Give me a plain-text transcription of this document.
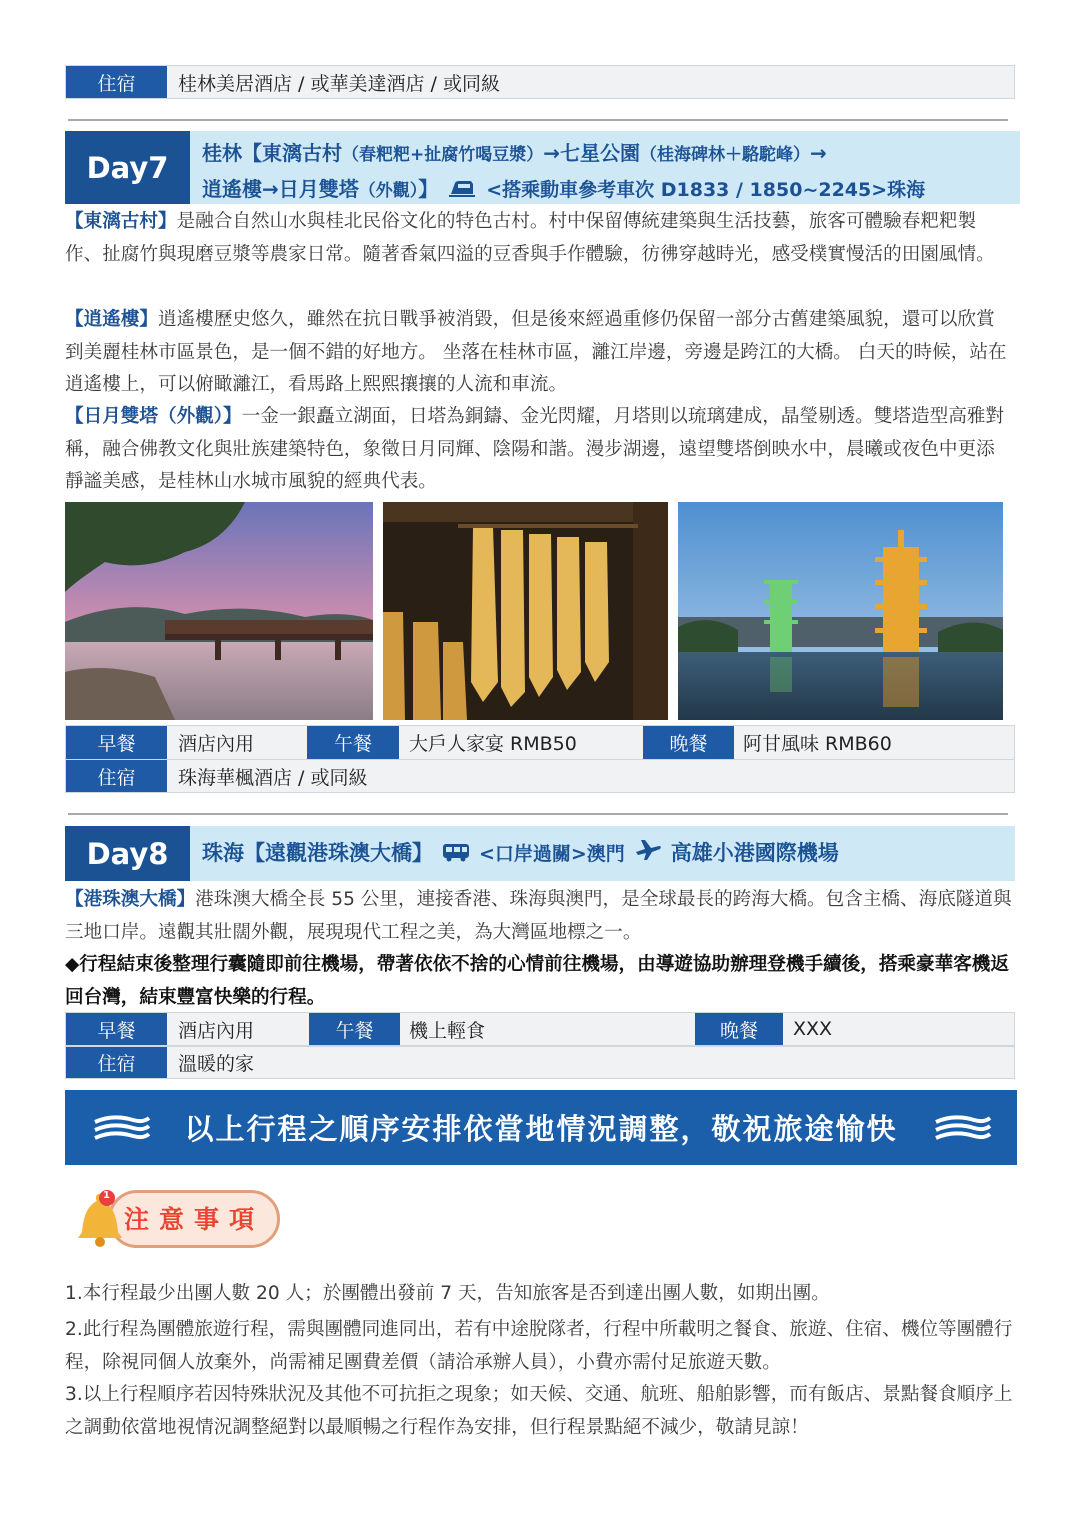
住宿	桂林美居酒店 / 或華美達酒店 / 或同級
Day7	桂林【東漓古村（春粑粑+扯腐竹喝豆漿）→七星公園（桂海碑林＋駱駝峰）→
逍遙樓→日月雙塔（外觀）】	<搭乘動車參考車次 D1833 / 1850~2245>珠海
【東漓古村】是融合自然山水與桂北民俗文化的特色古村。村中保留傳統建築與生活技藝，旅客可體驗春粑粑製作、扯腐竹與現磨豆漿等農家日常。隨著香氣四溢的豆香與手作體驗，彷彿穿越時光，感受樸實慢活的田園風情。
【逍遙樓】逍遙樓歷史悠久，雖然在抗日戰爭被消毀，但是後來經過重修仍保留一部分古舊建築風貌，還可以欣賞到美麗桂林市區景色，是一個不錯的好地方。 坐落在桂林市區，灕江岸邊，旁邊是跨江的大橋。 白天的時候，站在逍遙樓上，可以俯瞰灕江，看馬路上熙熙攘攘的人流和車流。
【日月雙塔（外觀）】一金一銀矗立湖面，日塔為銅鑄、金光閃耀，月塔則以琉璃建成，晶瑩剔透。雙塔造型高雅對稱，融合佛教文化與壯族建築特色，象徵日月同輝、陰陽和諧。漫步湖邊，遠望雙塔倒映水中，晨曦或夜色中更添靜謐美感，是桂林山水城市風貌的經典代表。
早餐	酒店內用	午餐	大戶人家宴 RMB50	晚餐	阿甘風味 RMB60
住宿	珠海華楓酒店 / 或同級
Day8	珠海【遠觀港珠澳大橋】 <口岸過關>澳門 高雄小港國際機場
【港珠澳大橋】港珠澳大橋全長 55 公里，連接香港、珠海與澳門，是全球最長的跨海大橋。包含主橋、海底隧道與三地口岸。遠觀其壯闊外觀，展現現代工程之美，為大灣區地標之一。
◆行程結束後整理行囊隨即前往機場，帶著依依不捨的心情前往機場，由導遊協助辦理登機手續後，搭乘豪華客機返回台灣，結束豐富快樂的行程。
早餐	酒店內用	午餐	機上輕食	晚餐	XXX
住宿	溫暖的家
以上行程之順序安排依當地情況調整，敬祝旅途愉快
1
注意事項
1.本行程最少出團人數 20 人；於團體出發前 7 天，告知旅客是否到達出團人數，如期出團。
2.此行程為團體旅遊行程，需與團體同進同出，若有中途脫隊者，行程中所載明之餐食、旅遊、住宿、機位等團體行程，除視同個人放棄外，尚需補足團費差價（請洽承辦人員），小費亦需付足旅遊天數。
3.以上行程順序若因特殊狀況及其他不可抗拒之現象；如天候、交通、航班、船舶影響，而有飯店、景點餐食順序上之調動依當地視情況調整絕對以最順暢之行程作為安排，但行程景點絕不減少，敬請見諒！
